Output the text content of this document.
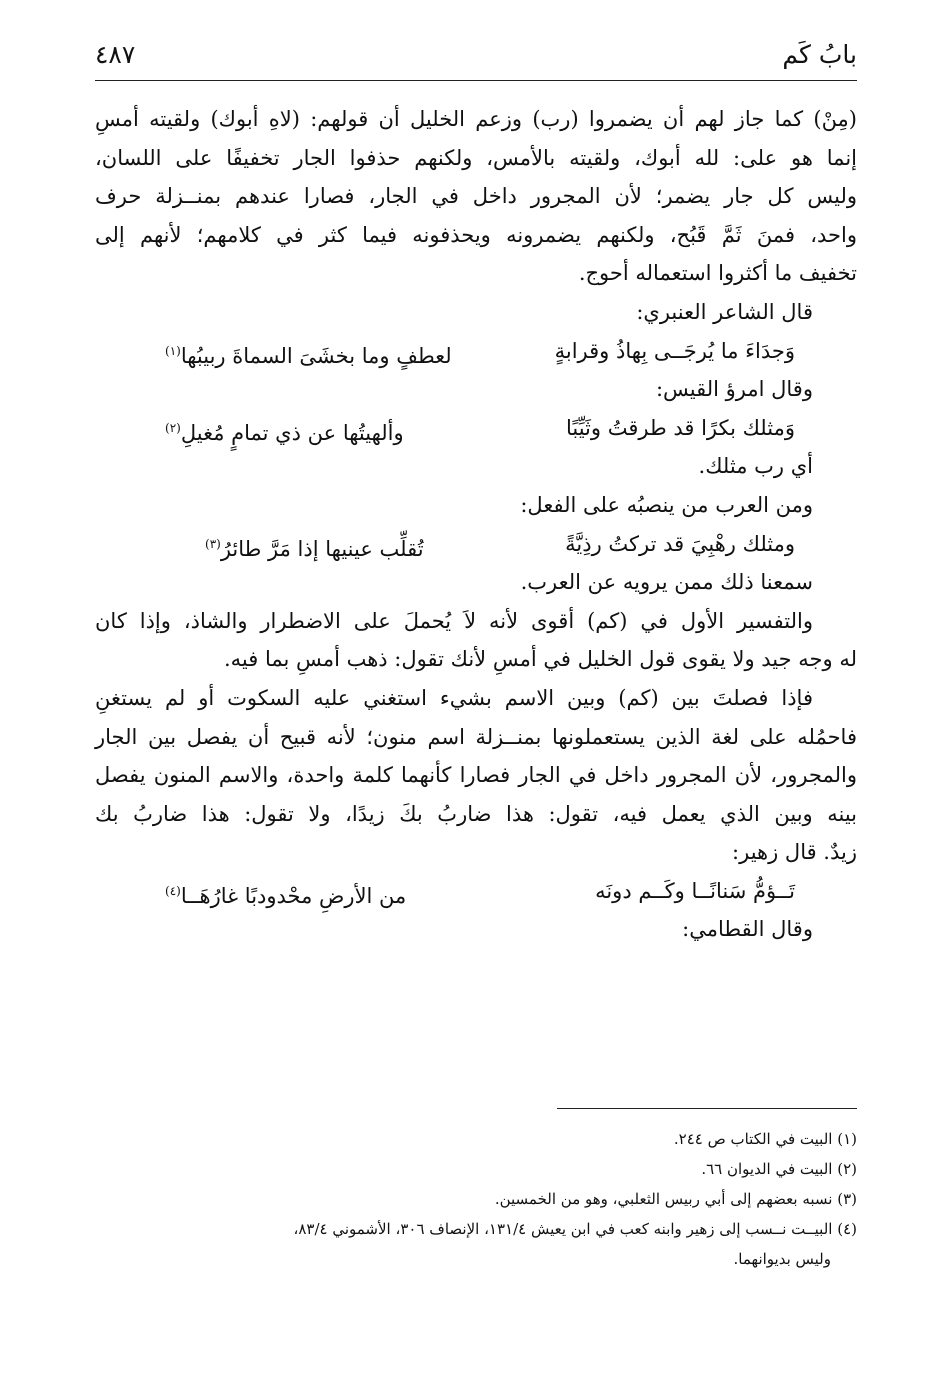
بابُ كَم
٤٨٧
(مِنْ) كما جاز لهم أن يضمروا (رب) وزعم الخليل أن قولهم: (لاهِ أبوك) ولقيته أمسِ
إنما هو على: لله أبوك، ولقيته بالأمس، ولكنهم حذفوا الجار تخفيفًا على اللسان،
وليس كل جار يضمر؛ لأن المجرور داخل في الجار، فصارا عندهم بمنــزلة حرف
واحد، فمنَ ثَمَّ قَبُح، ولكنهم يضمرونه ويحذفونه فيما كثر في كلامهم؛ لأنهم إلى
تخفيف ما أكثروا استعماله أحوج.
قال الشاعر العنبري:
وَجدَاءَ ما يُرجَــى بِهاذُ وقرابةٍ
لعطفٍ وما بخشَىَ السماةَ ربيبُها$^{(١)}$
وقال امرؤ القيس:
وَمثلك بكرًا قد طرقتُ وثَيِّبًا
وألهيتُها عن ذي تمامٍ مُغيلِ$^{(٢)}$
أي رب مثلك.
ومن العرب من ينصبُه على الفعل:
ومثلك رهْبِيَ قد تركتُ رذِيَّةً
تُقلِّب عينيها إذا مَرَّ طائرُ$^{(٣)}$
سمعنا ذلك ممن يرويه عن العرب.
والتفسير الأول في (كم) أقوى لأنه لاَ يُحملَ على الاضطرار والشاذ، وإذا كان
له وجه جيد ولا يقوى قول الخليل في أمسِ لأنك تقول: ذهب أمسِ بما فيه.
فإذا فصلتَ بين (كم) وبين الاسم بشيء استغني عليه السكوت أو لم يستغنِ
فاحمُله على لغة الذين يستعملونها بمنــزلة اسم منون؛ لأنه قبيح أن يفصل بين الجار
والمجرور، لأن المجرور داخل في الجار فصارا كأنهما كلمة واحدة، والاسم المنون يفصل
بينه وبين الذي يعمل فيه، تقول: هذا ضاربُ بكَ زيدًا، ولا تقول: هذا ضاربُ بك
زيدٌ. قال زهير:
تَــؤمُّ سَنانًــا وكَــم دونَه
من الأرضِ محْدودبًا غارُهَــا$^{(٤)}$
وقال القطامي:
(١) البيت في الكتاب ص ٢٤٤.
(٢) البيت في الديوان ٦٦.
(٣) نسبه بعضهم إلى أبي ربيس الثعلبي، وهو من الخمسين.
(٤) البيــت نــسب إلى زهير وابنه كعب في ابن يعيش ١٣١/٤، الإنصاف ٣٠٦، الأشموني ٨٣/٤،
وليس بديوانهما.
